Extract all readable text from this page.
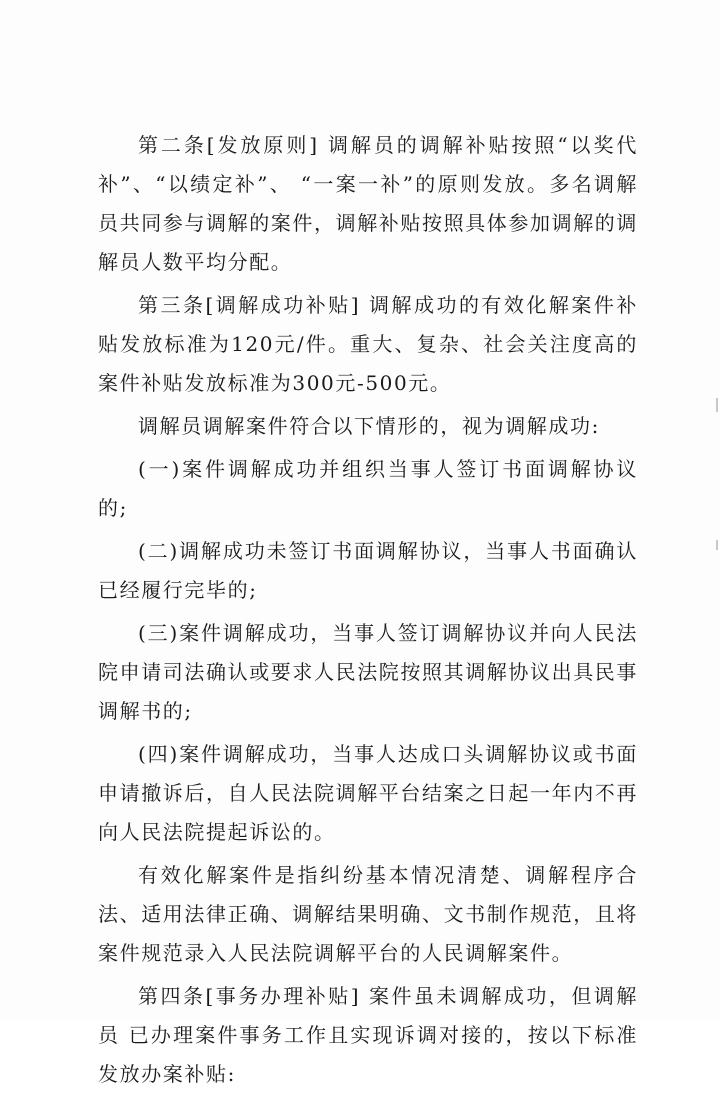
第二条[发放原则] 调解员的调解补贴按照“以奖代补”、“以绩定补”、 “一案一补”的原则发放。多名调解员共同参与调解的案件，调解补贴按照具体参加调解的调解员人数平均分配。

第三条[调解成功补贴] 调解成功的有效化解案件补贴发放标准为120元/件。重大、复杂、社会关注度高的案件补贴发放标准为300元-500元。

调解员调解案件符合以下情形的，视为调解成功:

(一)案件调解成功并组织当事人签订书面调解协议的;

(二)调解成功未签订书面调解协议，当事人书面确认已经履行完毕的;

(三)案件调解成功，当事人签订调解协议并向人民法院申请司法确认或要求人民法院按照其调解协议出具民事调解书的;

(四)案件调解成功，当事人达成口头调解协议或书面 申请撤诉后，自人民法院调解平台结案之日起一年内不再向人民法院提起诉讼的。

有效化解案件是指纠纷基本情况清楚、调解程序合法、适用法律正确、调解结果明确、文书制作规范，且将案件规范录入人民法院调解平台的人民调解案件。

第四条[事务办理补贴] 案件虽未调解成功，但调解员 已办理案件事务工作且实现诉调对接的，按以下标准发放办案补贴:
